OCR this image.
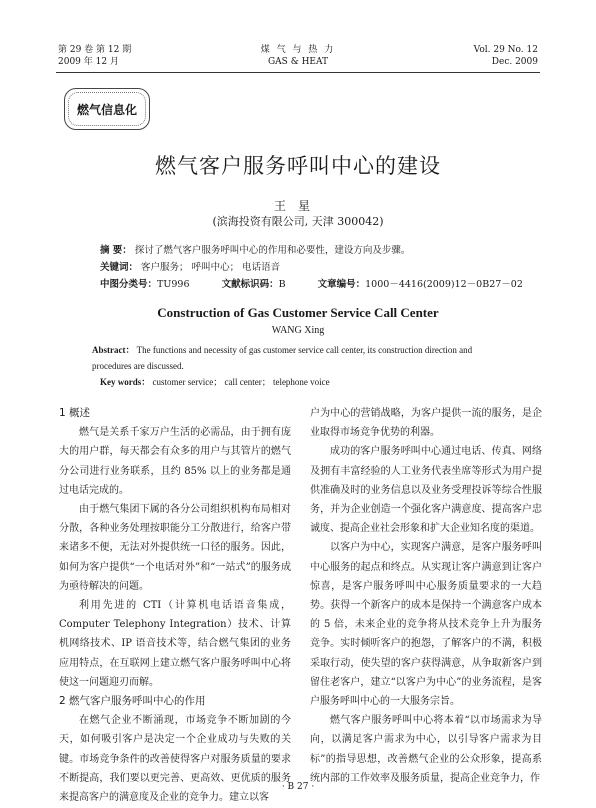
第 29 卷 第 12 期
2009 年 12 月
煤 气 与 热 力
GAS & HEAT
Vol. 29 No. 12
Dec. 2009
燃气信息化
燃气客户服务呼叫中心的建设
王星
(滨海投资有限公司, 天津 300042)
摘 要： 探讨了燃气客户服务呼叫中心的作用和必要性，建设方向及步骤。
关键词： 客户服务； 呼叫中心； 电话语音
中图分类号：TU996	文献标识码：B	文章编号：1000－4416(2009)12－0B27－02
Construction of Gas Customer Service Call Center
WANG Xing
Abstract： The functions and necessity of gas customer service call center, its construction direction and procedures are discussed.
Key words： customer service； call center； telephone voice
1 概述

燃气是关系千家万户生活的必需品，由于拥有庞大的用户群，每天都会有众多的用户与其管片的燃气分公司进行业务联系，且约 85% 以上的业务都是通过电话完成的。

由于燃气集团下属的各分公司组织机构布局相对分散，各种业务处理按职能分工分散进行，给客户带来诸多不便，无法对外提供统一口径的服务。因此，如何为客户提供“一个电话对外”和“一站式”的服务成为亟待解决的问题。

利用先进的 CTI（计算机电话语音集成，Computer Telephony Integration）技术、计算机网络技术、IP 语音技术等，结合燃气集团的业务应用特点，在互联网上建立燃气客户服务呼叫中心将使这一问题迎刃而解。

2 燃气客户服务呼叫中心的作用

在燃气企业不断涌现，市场竞争不断加剧的今天，如何吸引客户是决定一个企业成功与失败的关键。市场竞争条件的改善使得客户对服务质量的要求不断提高，我们要以更完善、更高效、更优质的服务来提高客户的满意度及企业的竞争力。建立以客

户为中心的营销战略，为客户提供一流的服务，是企业取得市场竞争优势的利器。

成功的客户服务呼叫中心通过电话、传真、网络及拥有丰富经验的人工业务代表坐席等形式为用户提供准确及时的业务信息以及业务受理投诉等综合性服务，并为企业创造一个强化客户满意度、提高客户忠诚度、提高企业社会形象和扩大企业知名度的渠道。

以客户为中心，实现客户满意，是客户服务呼叫中心服务的起点和终点。从实现让客户满意到让客户惊喜，是客户服务呼叫中心服务质量要求的一大趋势。获得一个新客户的成本是保持一个满意客户成本的 5 倍，未来企业的竞争将从技术竞争上升为服务竞争。实时倾听客户的抱怨，了解客户的不满，积极采取行动，使失望的客户获得满意，从争取新客户到留住老客户，建立“以客户为中心”的业务流程，是客户服务呼叫中心的一大服务宗旨。

燃气客户服务呼叫中心将本着“以市场需求为导向，以满足客户需求为中心，以引导客户需求为目标”的指导思想，改善燃气企业的公众形象，提高系统内部的工作效率及服务质量，提高企业竞争力，作

· B 27 ·
